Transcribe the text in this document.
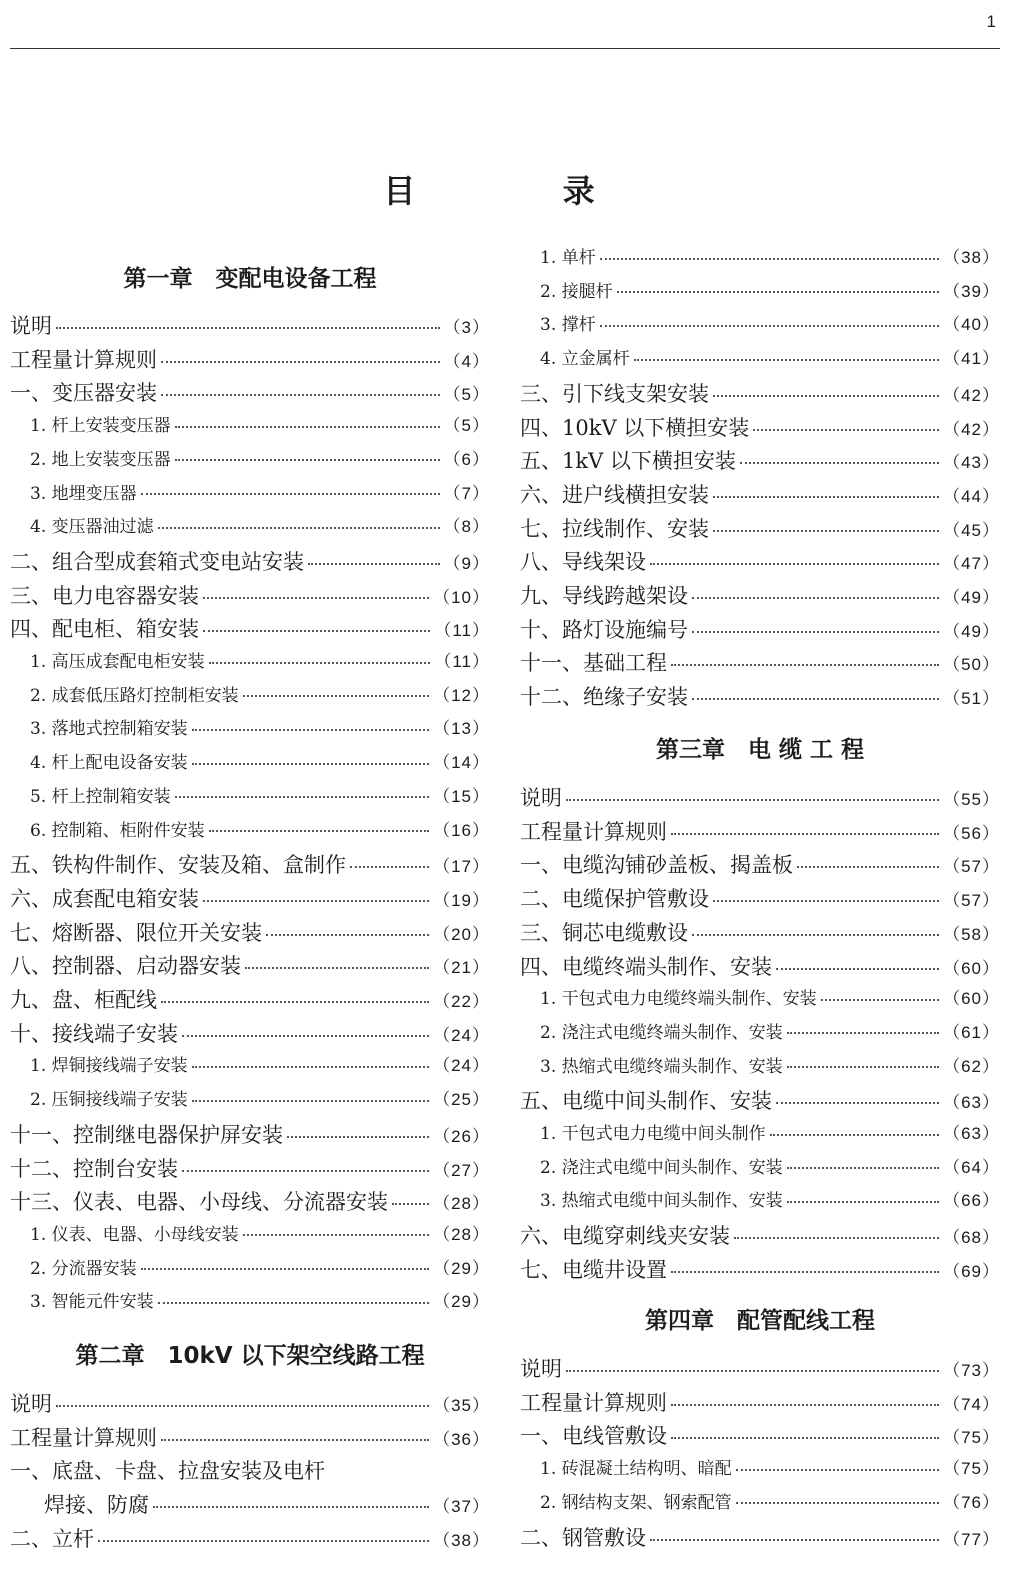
1
目 录
第一章　变配电设备工程
说明	（3）
工程量计算规则	（4）
一、变压器安装	（5）
1. 杆上安装变压器	（5）
2. 地上安装变压器	（6）
3. 地埋变压器	（7）
4. 变压器油过滤	（8）
二、组合型成套箱式变电站安装	（9）
三、电力电容器安装	（10）
四、配电柜、箱安装	（11）
1. 高压成套配电柜安装	（11）
2. 成套低压路灯控制柜安装	（12）
3. 落地式控制箱安装	（13）
4. 杆上配电设备安装	（14）
5. 杆上控制箱安装	（15）
6. 控制箱、柜附件安装	（16）
五、铁构件制作、安装及箱、盒制作	（17）
六、成套配电箱安装	（19）
七、熔断器、限位开关安装	（20）
八、控制器、启动器安装	（21）
九、盘、柜配线	（22）
十、接线端子安装	（24）
1. 焊铜接线端子安装	（24）
2. 压铜接线端子安装	（25）
十一、控制继电器保护屏安装	（26）
十二、控制台安装	（27）
十三、仪表、电器、小母线、分流器安装	（28）
1. 仪表、电器、小母线安装	（28）
2. 分流器安装	（29）
3. 智能元件安装	（29）
第二章　10kV 以下架空线路工程
说明	（35）
工程量计算规则	（36）
一、底盘、卡盘、拉盘安装及电杆
焊接、防腐	（37）
二、立杆	（38）
1. 单杆	（38）
2. 接腿杆	（39）
3. 撑杆	（40）
4. 立金属杆	（41）
三、引下线支架安装	（42）
四、10kV 以下横担安装	（42）
五、1kV 以下横担安装	（43）
六、进户线横担安装	（44）
七、拉线制作、安装	（45）
八、导线架设	（47）
九、导线跨越架设	（49）
十、路灯设施编号	（49）
十一、基础工程	（50）
十二、绝缘子安装	（51）
第三章　电 缆 工 程
说明	（55）
工程量计算规则	（56）
一、电缆沟铺砂盖板、揭盖板	（57）
二、电缆保护管敷设	（57）
三、铜芯电缆敷设	（58）
四、电缆终端头制作、安装	（60）
1. 干包式电力电缆终端头制作、安装	（60）
2. 浇注式电缆终端头制作、安装	（61）
3. 热缩式电缆终端头制作、安装	（62）
五、电缆中间头制作、安装	（63）
1. 干包式电力电缆中间头制作	（63）
2. 浇注式电缆中间头制作、安装	（64）
3. 热缩式电缆中间头制作、安装	（66）
六、电缆穿刺线夹安装	（68）
七、电缆井设置	（69）
第四章　配管配线工程
说明	（73）
工程量计算规则	（74）
一、电线管敷设	（75）
1. 砖混凝土结构明、暗配	（75）
2. 钢结构支架、钢索配管	（76）
二、钢管敷设	（77）
